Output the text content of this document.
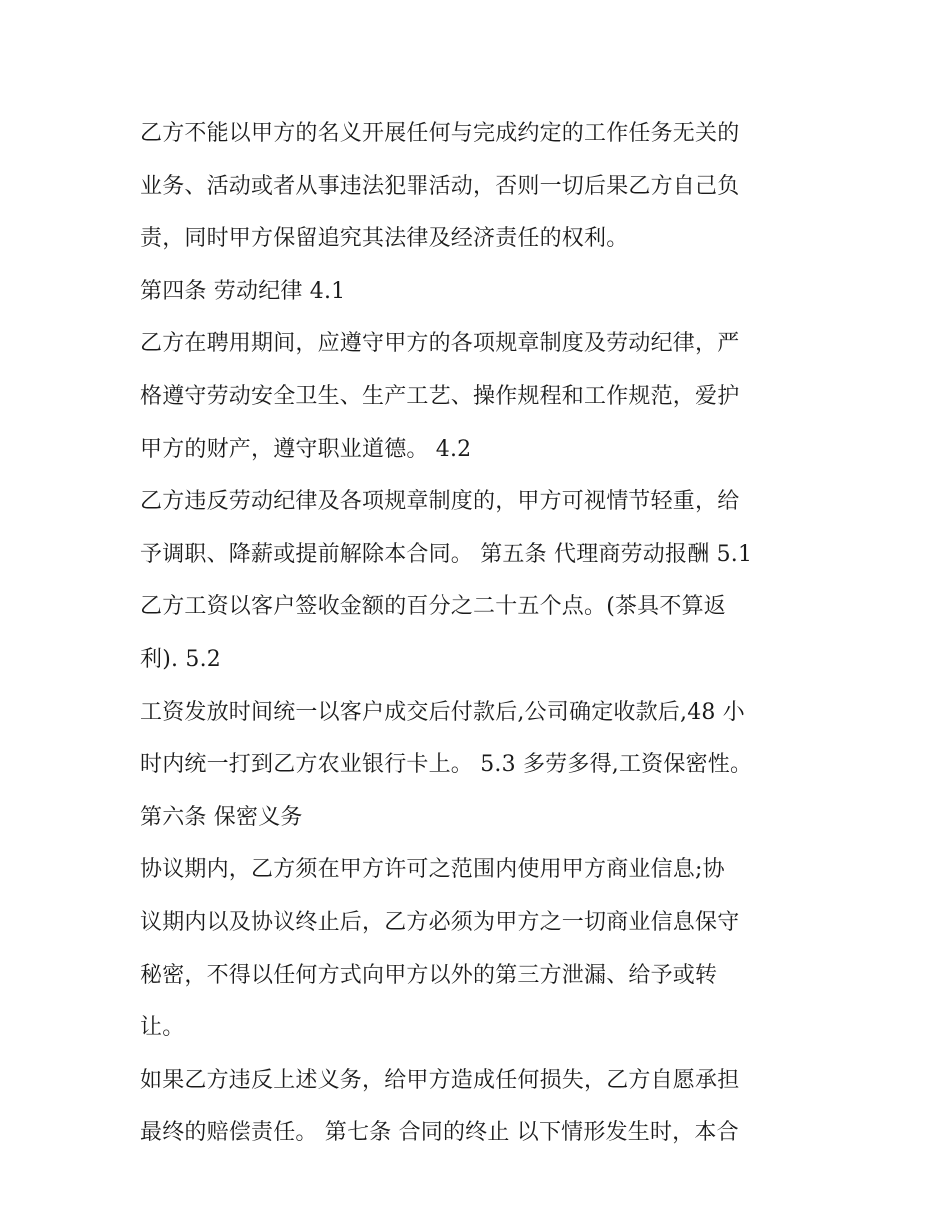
乙方不能以甲方的名义开展任何与完成约定的工作任务无关的
业务、活动或者从事违法犯罪活动，否则一切后果乙方自己负
责，同时甲方保留追究其法律及经济责任的权利。
第四条 劳动纪律 4.1
乙方在聘用期间，应遵守甲方的各项规章制度及劳动纪律，严
格遵守劳动安全卫生、生产工艺、操作规程和工作规范，爱护
甲方的财产，遵守职业道德。 4.2
乙方违反劳动纪律及各项规章制度的，甲方可视情节轻重，给
予调职、降薪或提前解除本合同。 第五条 代理商劳动报酬 5.1
乙方工资以客户签收金额的百分之二十五个点。(茶具不算返
利). 5.2
工资发放时间统一以客户成交后付款后,公司确定收款后,48 小
时内统一打到乙方农业银行卡上。 5.3 多劳多得,工资保密性。
第六条 保密义务
协议期内，乙方须在甲方许可之范围内使用甲方商业信息;协
议期内以及协议终止后，乙方必须为甲方之一切商业信息保守
秘密，不得以任何方式向甲方以外的第三方泄漏、给予或转
让。
如果乙方违反上述义务，给甲方造成任何损失，乙方自愿承担
最终的赔偿责任。 第七条 合同的终止 以下情形发生时，本合
